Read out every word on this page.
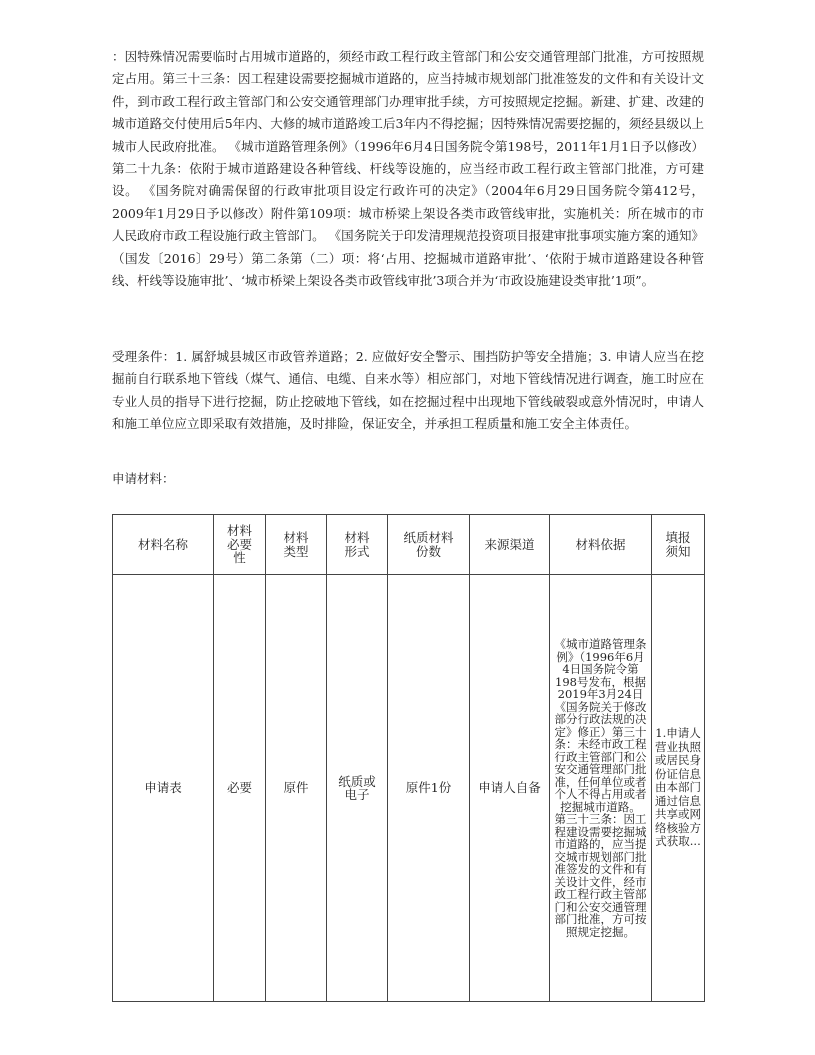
：因特殊情况需要临时占用城市道路的，须经市政工程行政主管部门和公安交通管理部门批准，方可按照规定占用。第三十三条：因工程建设需要挖掘城市道路的，应当持城市规划部门批准签发的文件和有关设计文件，到市政工程行政主管部门和公安交通管理部门办理审批手续，方可按照规定挖掘。新建、扩建、改建的城市道路交付使用后5年内、大修的城市道路竣工后3年内不得挖掘；因特殊情况需要挖掘的，须经县级以上城市人民政府批准。 《城市道路管理条例》（1996年6月4日国务院令第198号，2011年1月1日予以修改）第二十九条：依附于城市道路建设各种管线、杆线等设施的，应当经市政工程行政主管部门批准，方可建设。 《国务院对确需保留的行政审批项目设定行政许可的决定》（2004年6月29日国务院令第412号，2009年1月29日予以修改）附件第109项：城市桥梁上架设各类市政管线审批，实施机关：所在城市的市人民政府市政工程设施行政主管部门。 《国务院关于印发清理规范投资项目报建审批事项实施方案的通知》（国发〔2016〕29号）第二条第（二）项：将‘占用、挖掘城市道路审批’、‘依附于城市道路建设各种管线、杆线等设施审批’、‘城市桥梁上架设各类市政管线审批’3项合并为‘市政设施建设类审批’1项”。
受理条件：1. 属舒城县城区市政管养道路；2. 应做好安全警示、围挡防护等安全措施；3. 申请人应当在挖掘前自行联系地下管线（煤气、通信、电缆、自来水等）相应部门，对地下管线情况进行调查，施工时应在专业人员的指导下进行挖掘，防止挖破地下管线，如在挖掘过程中出现地下管线破裂或意外情况时，申请人和施工单位应立即采取有效措施，及时排险，保证安全，并承担工程质量和施工安全主体责任。
申请材料：
材料名称	材料必要性	材料类型	材料形式	纸质材料份数	来源渠道	材料依据	填报须知

申请表	必要	原件	纸质或电子	原件1份	申请人自备	《城市道路管理条例》（1996年6月4日国务院令第198号发布，根据2019年3月24日《国务院关于修改部分行政法规的决定》修正）第三十条：未经市政工程行政主管部门和公安交通管理部门批准，任何单位或者个人不得占用或者挖掘城市道路。 第三十三条：因工程建设需要挖掘城市道路的，应当提交城市规划部门批准签发的文件和有关设计文件，经市政工程行政主管部门和公安交通管理部门批准，方可按照规定挖掘。	1.申请人营业执照或居民身份证信息由本部门通过信息共享或网络核验方式获取...
